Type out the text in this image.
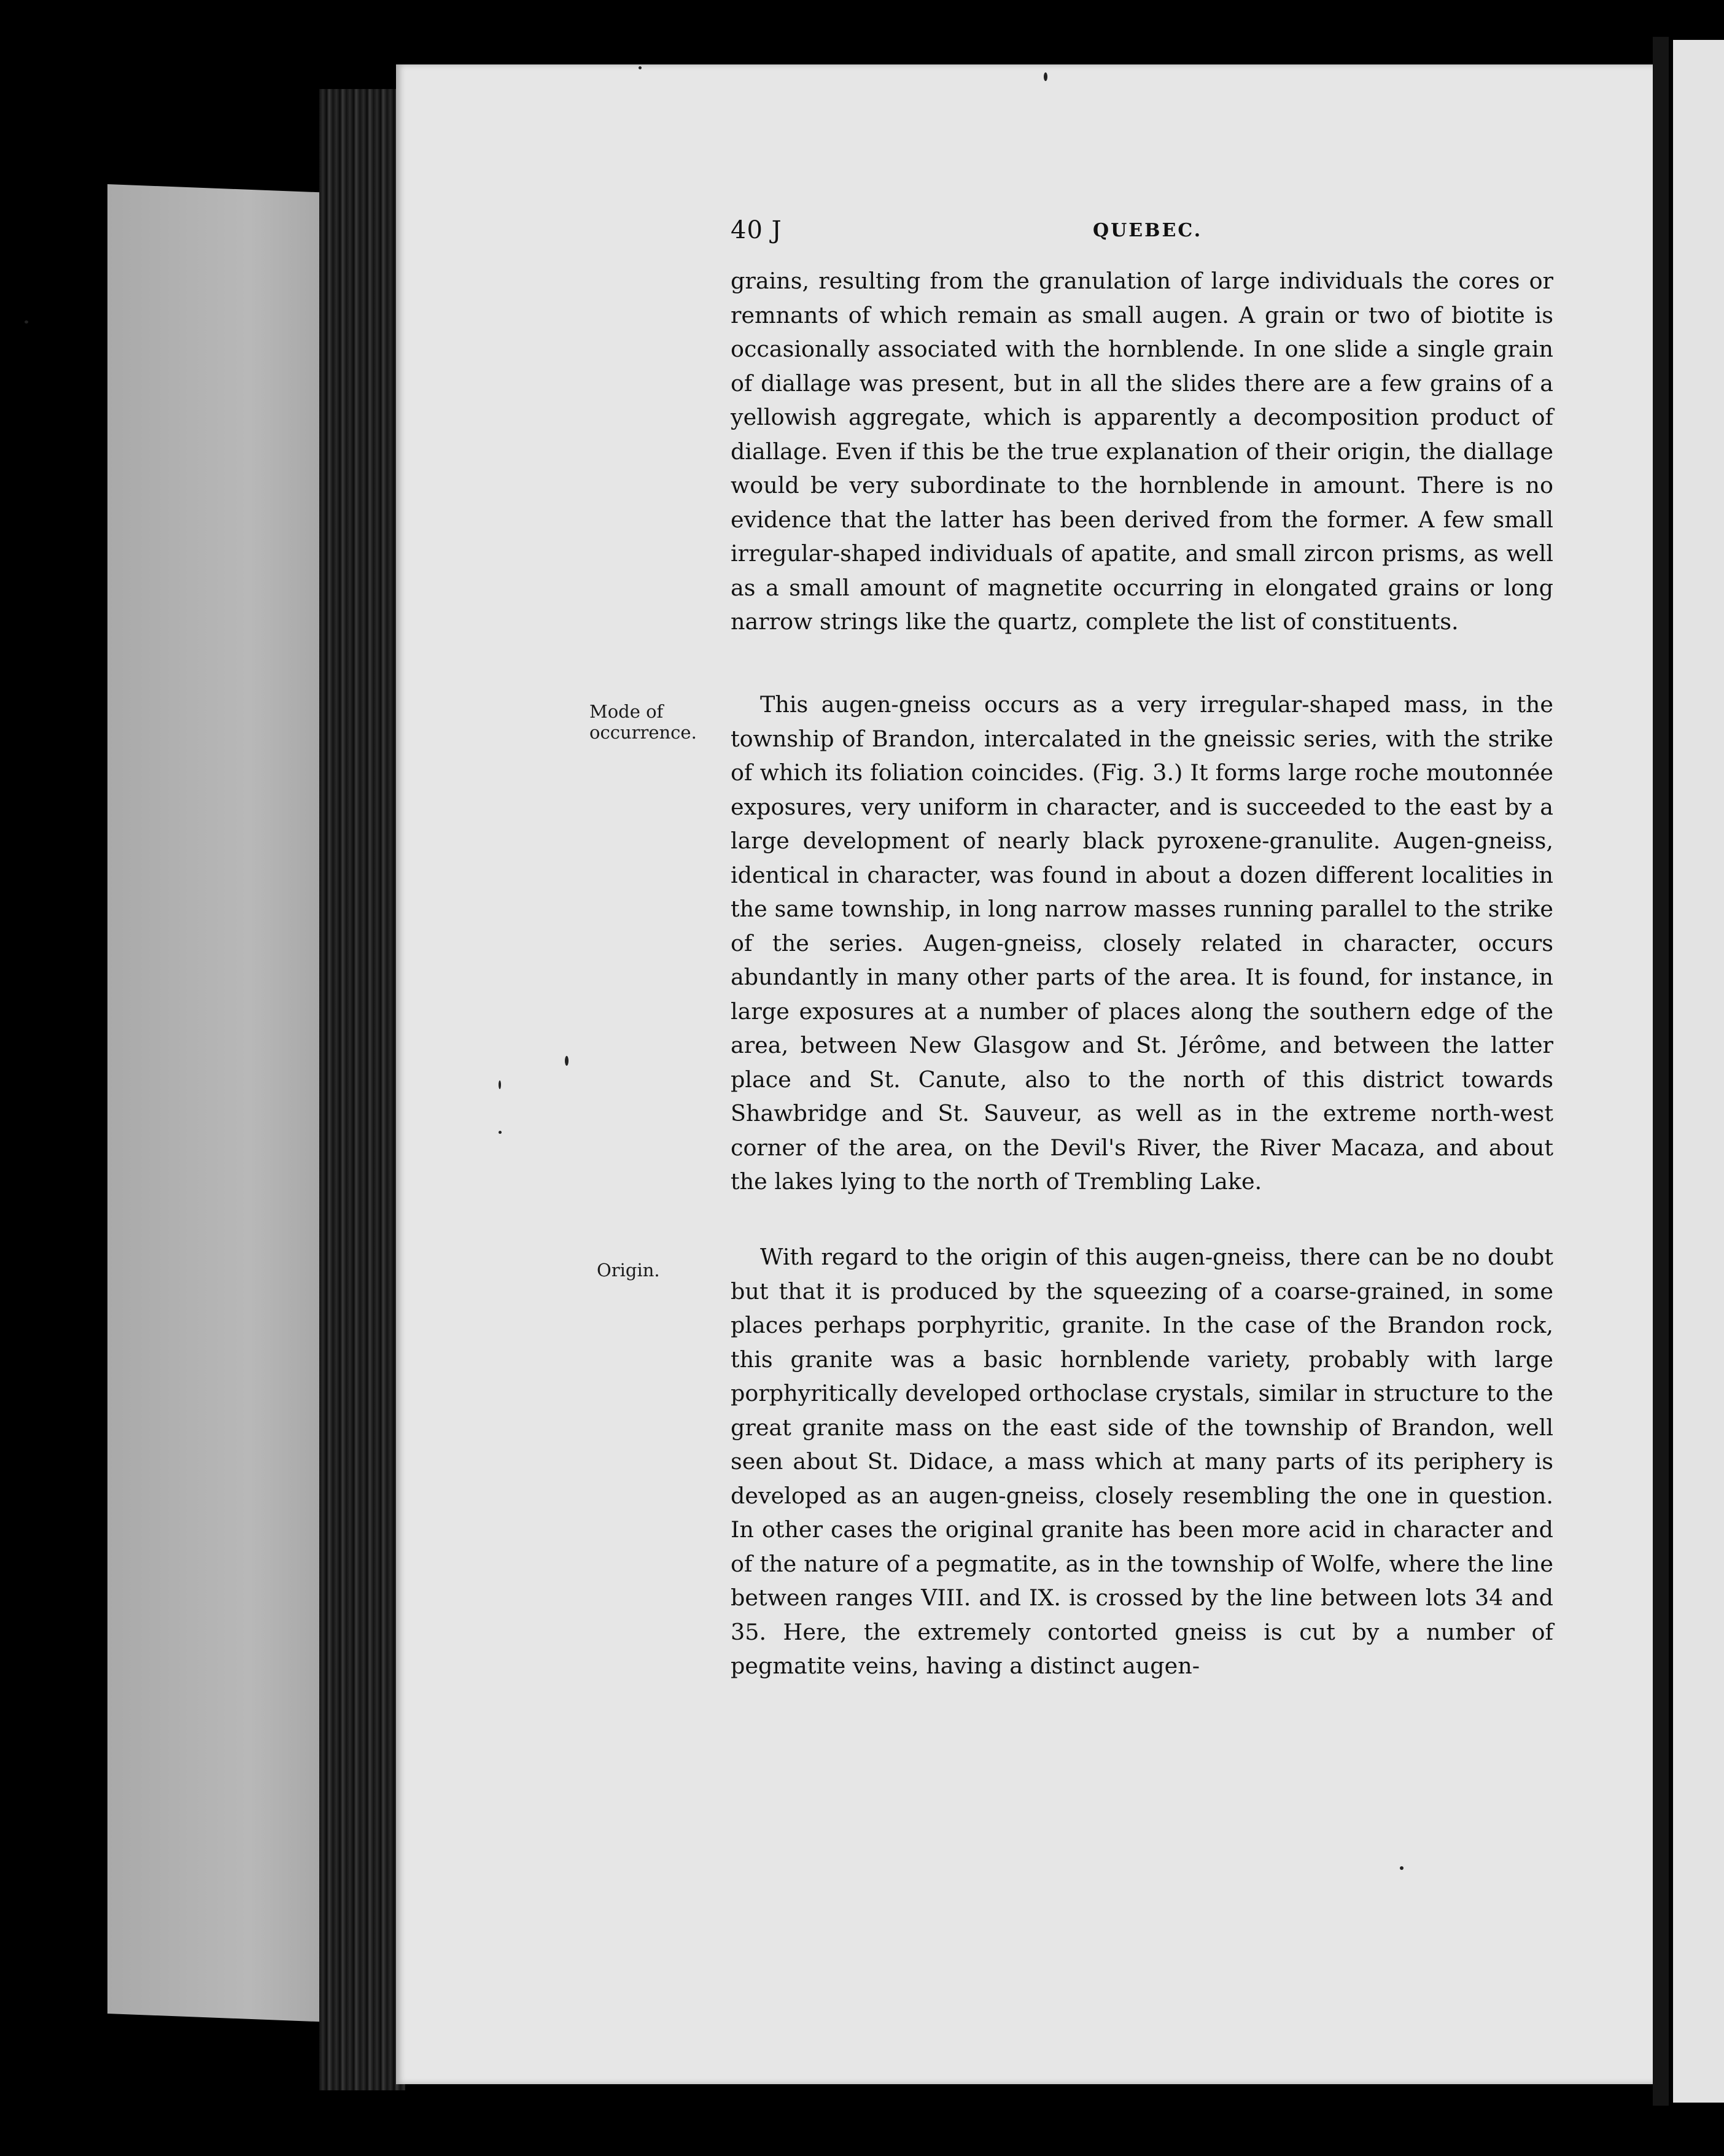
40 J	QUEBEC.
Mode of
occurrence.
Origin.

grains, resulting from the granulation of large individuals the cores or remnants of which remain as small augen. A grain or two of biotite is occasionally associated with the hornblende. In one slide a single grain of diallage was present, but in all the slides there are a few grains of a yellowish aggregate, which is apparently a decomposition product of diallage. Even if this be the true explanation of their origin, the diallage would be very subordinate to the hornblende in amount. There is no evidence that the latter has been derived from the former. A few small irregular-shaped individuals of apatite, and small zircon prisms, as well as a small amount of magnetite occurring in elongated grains or long narrow strings like the quartz, complete the list of constituents.

This augen-gneiss occurs as a very irregular-shaped mass, in the township of Brandon, intercalated in the gneissic series, with the strike of which its foliation coincides. (Fig. 3.) It forms large roche moutonnée exposures, very uniform in character, and is succeeded to the east by a large development of nearly black pyroxene-granulite. Augen-gneiss, identical in character, was found in about a dozen different localities in the same township, in long narrow masses running parallel to the strike of the series. Augen-gneiss, closely related in character, occurs abundantly in many other parts of the area. It is found, for instance, in large exposures at a number of places along the southern edge of the area, between New Glasgow and St. Jérôme, and between the latter place and St. Canute, also to the north of this district towards Shawbridge and St. Sauveur, as well as in the extreme north-west corner of the area, on the Devil's River, the River Macaza, and about the lakes lying to the north of Trembling Lake.

With regard to the origin of this augen-gneiss, there can be no doubt but that it is produced by the squeezing of a coarse-grained, in some places perhaps porphyritic, granite. In the case of the Brandon rock, this granite was a basic hornblende variety, probably with large porphyritically developed orthoclase crystals, similar in structure to the great granite mass on the east side of the township of Brandon, well seen about St. Didace, a mass which at many parts of its periphery is developed as an augen-gneiss, closely resembling the one in question. In other cases the original granite has been more acid in character and of the nature of a pegmatite, as in the township of Wolfe, where the line between ranges VIII. and IX. is crossed by the line between lots 34 and 35. Here, the extremely contorted gneiss is cut by a number of pegmatite veins, having a distinct augen-
